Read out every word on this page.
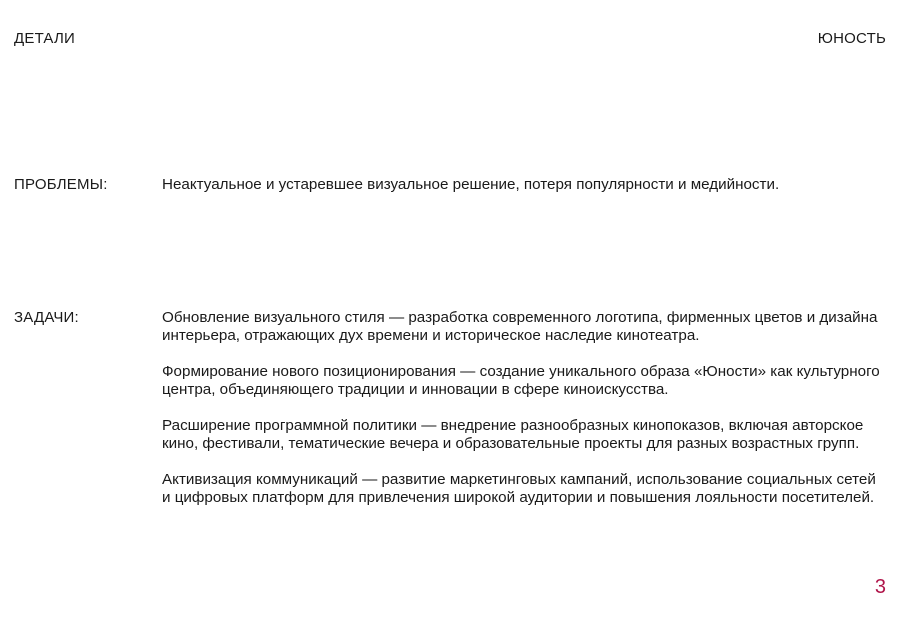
ДЕТАЛИ	ЮНОСТЬ
ПРОБЛЕМЫ:	Неактуальное и устаревшее визуальное решение, потеря популярности и медийности.
ЗАДАЧИ:	Обновление визуального стиля — разработка современного логотипа, фирменных цветов и дизайна интерьера, отражающих дух времени и историческое наследие кинотеатра.

Формирование нового позиционирования — создание уникального образа «Юности» как культурного центра, объединяющего традиции и инновации в сфере киноискусства.

Расширение программной политики — внедрение разнообразных кинопоказов, включая авторское кино, фестивали, тематические вечера и образовательные проекты для разных возрастных групп.

Активизация коммуникаций — развитие маркетинговых кампаний, использование социальных сетей и цифровых платформ для привлечения широкой аудитории и повышения лояльности посетителей.

3
